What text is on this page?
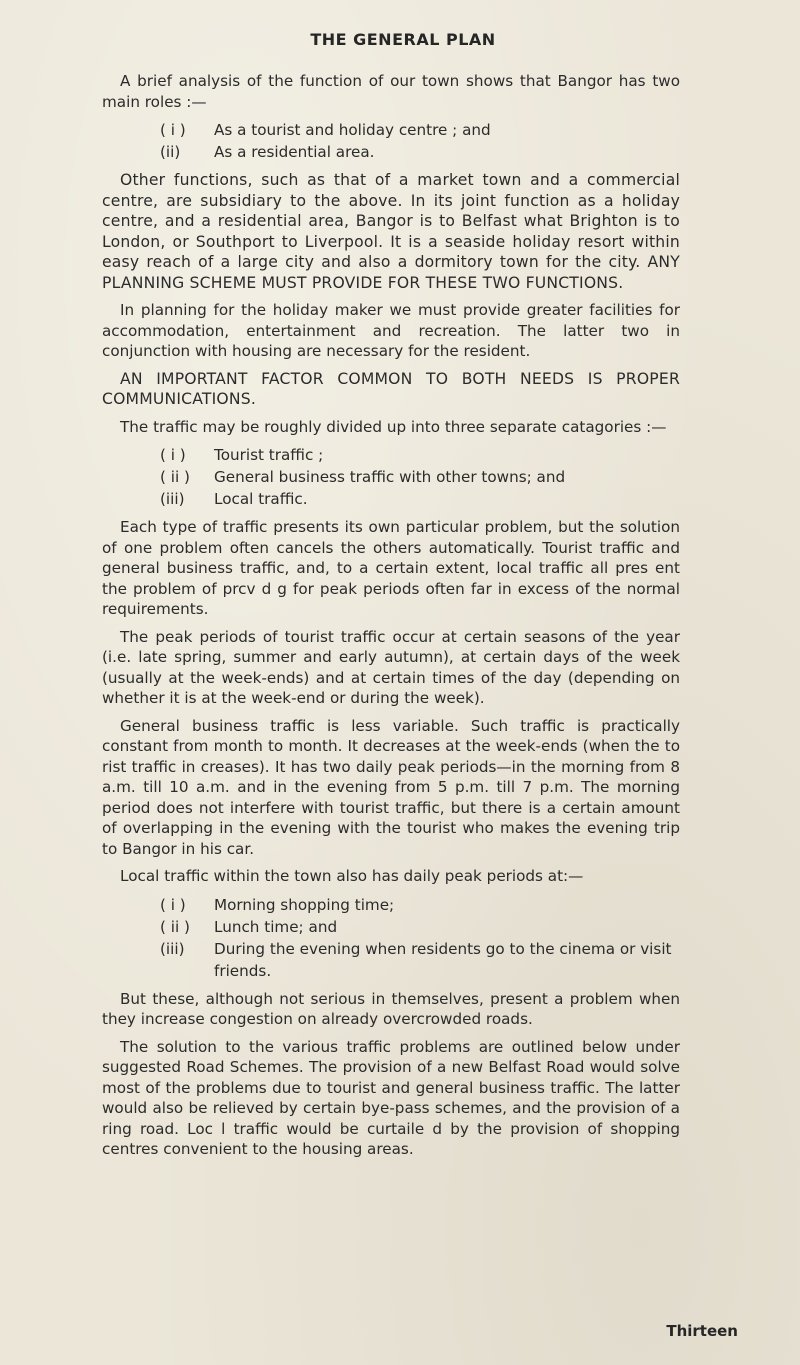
THE GENERAL PLAN

A brief analysis of the function of our town shows that Bangor has two main roles :—

( i )	As a tourist and holiday centre ; and
(ii)	As a residential area.

Other functions, such as that of a market town and a commercial centre, are subsidiary to the above. In its joint function as a holiday centre, and a residential area, Bangor is to Belfast what Brighton is to London, or Southport to Liverpool. It is a seaside holiday resort within easy reach of a large city and also a dormitory town for the city. ANY PLANNING SCHEME MUST PROVIDE FOR THESE TWO FUNCTIONS.

In planning for the holiday maker we must provide greater facilities for accommodation, entertainment and recreation. The latter two in conjunction with housing are necessary for the resident.

AN IMPORTANT FACTOR COMMON TO BOTH NEEDS IS PROPER COMMUNICATIONS.

The traffic may be roughly divided up into three separate catagories :—

( i )	Tourist traffic ;
( ii )	General business traffic with other towns; and
(iii)	Local traffic.

Each type of traffic presents its own particular problem, but the solution of one problem often cancels the others automatically. Tourist traffic and general business traffic, and, to a certain extent, local traffic all pres ent the problem of prcv d g for peak periods often far in excess of the normal requirements.

The peak periods of tourist traffic occur at certain seasons of the year (i.e. late spring, summer and early autumn), at certain days of the week (usually at the week-ends) and at certain times of the day (depending on whether it is at the week-end or during the week).

General business traffic is less variable. Such traffic is practically constant from month to month. It decreases at the week-ends (when the to rist traffic in creases). It has two daily peak periods—in the morning from 8 a.m. till 10 a.m. and in the evening from 5 p.m. till 7 p.m. The morning period does not interfere with tourist traffic, but there is a certain amount of overlapping in the evening with the tourist who makes the evening trip to Bangor in his car.

Local traffic within the town also has daily peak periods at:—

( i )	Morning shopping time;
( ii )	Lunch time; and
(iii)	During the evening when residents go to the cinema or visit friends.

But these, although not serious in themselves, present a problem when they increase congestion on already overcrowded roads.

The solution to the various traffic problems are outlined below under suggested Road Schemes. The provision of a new Belfast Road would solve most of the problems due to tourist and general business traffic. The latter would also be relieved by certain bye-pass schemes, and the provision of a ring road. Loc l traffic would be curtaile d by the provision of shopping centres convenient to the housing areas.

Thirteen
